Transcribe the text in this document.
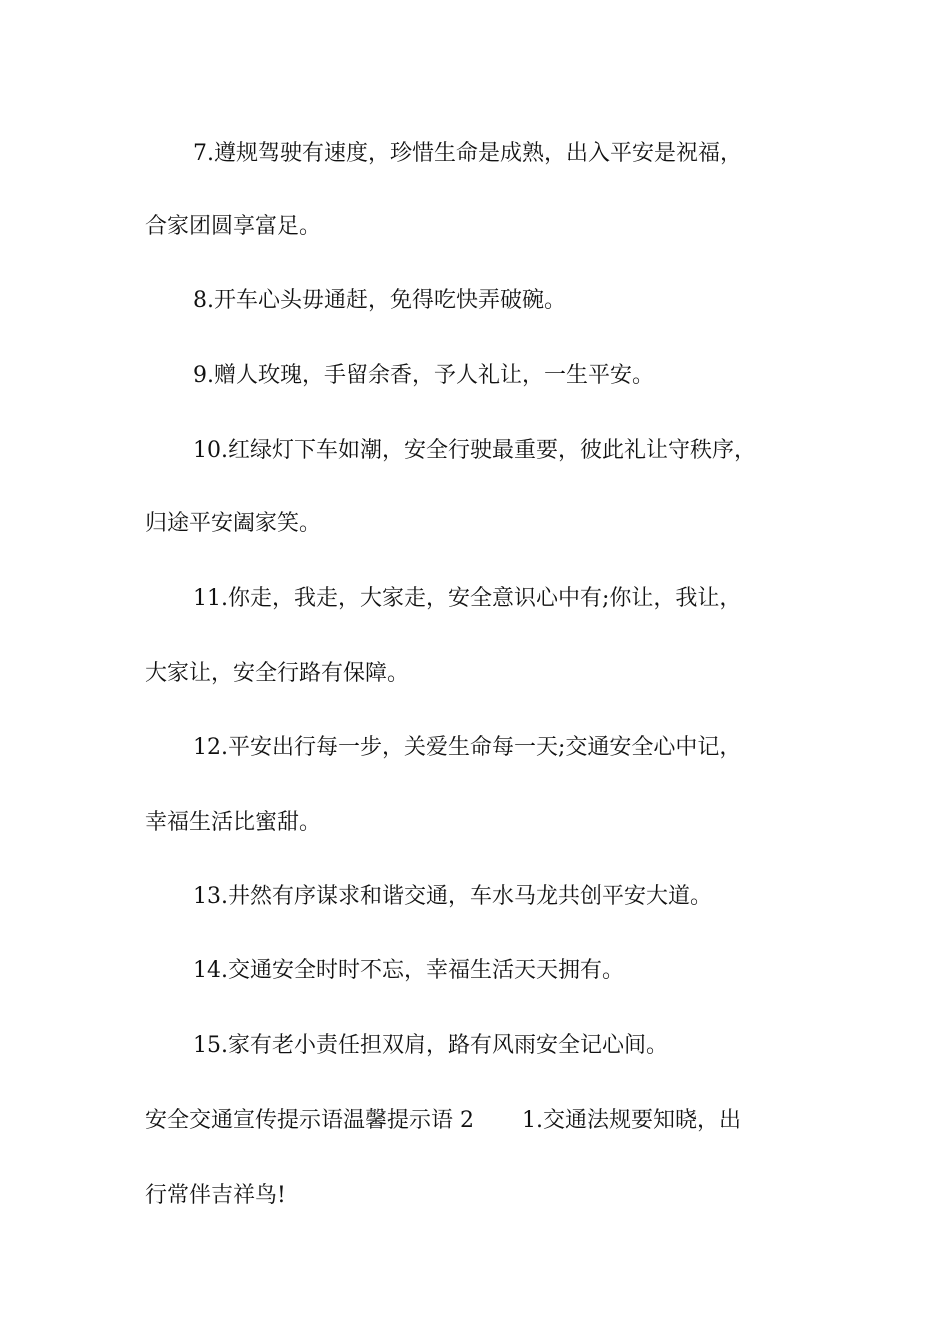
7.遵规驾驶有速度，珍惜生命是成熟，出入平安是祝福，
合家团圆享富足。
8.开车心头毋通赶，免得吃快弄破碗。
9.赠人玫瑰，手留余香，予人礼让，一生平安。
10.红绿灯下车如潮，安全行驶最重要，彼此礼让守秩序，
归途平安阖家笑。
11.你走，我走，大家走，安全意识心中有;你让，我让，
大家让，安全行路有保障。
12.平安出行每一步，关爱生命每一天;交通安全心中记，
幸福生活比蜜甜。
13.井然有序谋求和谐交通，车水马龙共创平安大道。
14.交通安全时时不忘，幸福生活天天拥有。
15.家有老小责任担双肩，路有风雨安全记心间。
安全交通宣传提示语温馨提示语 2 1.交通法规要知晓，出
行常伴吉祥鸟!
